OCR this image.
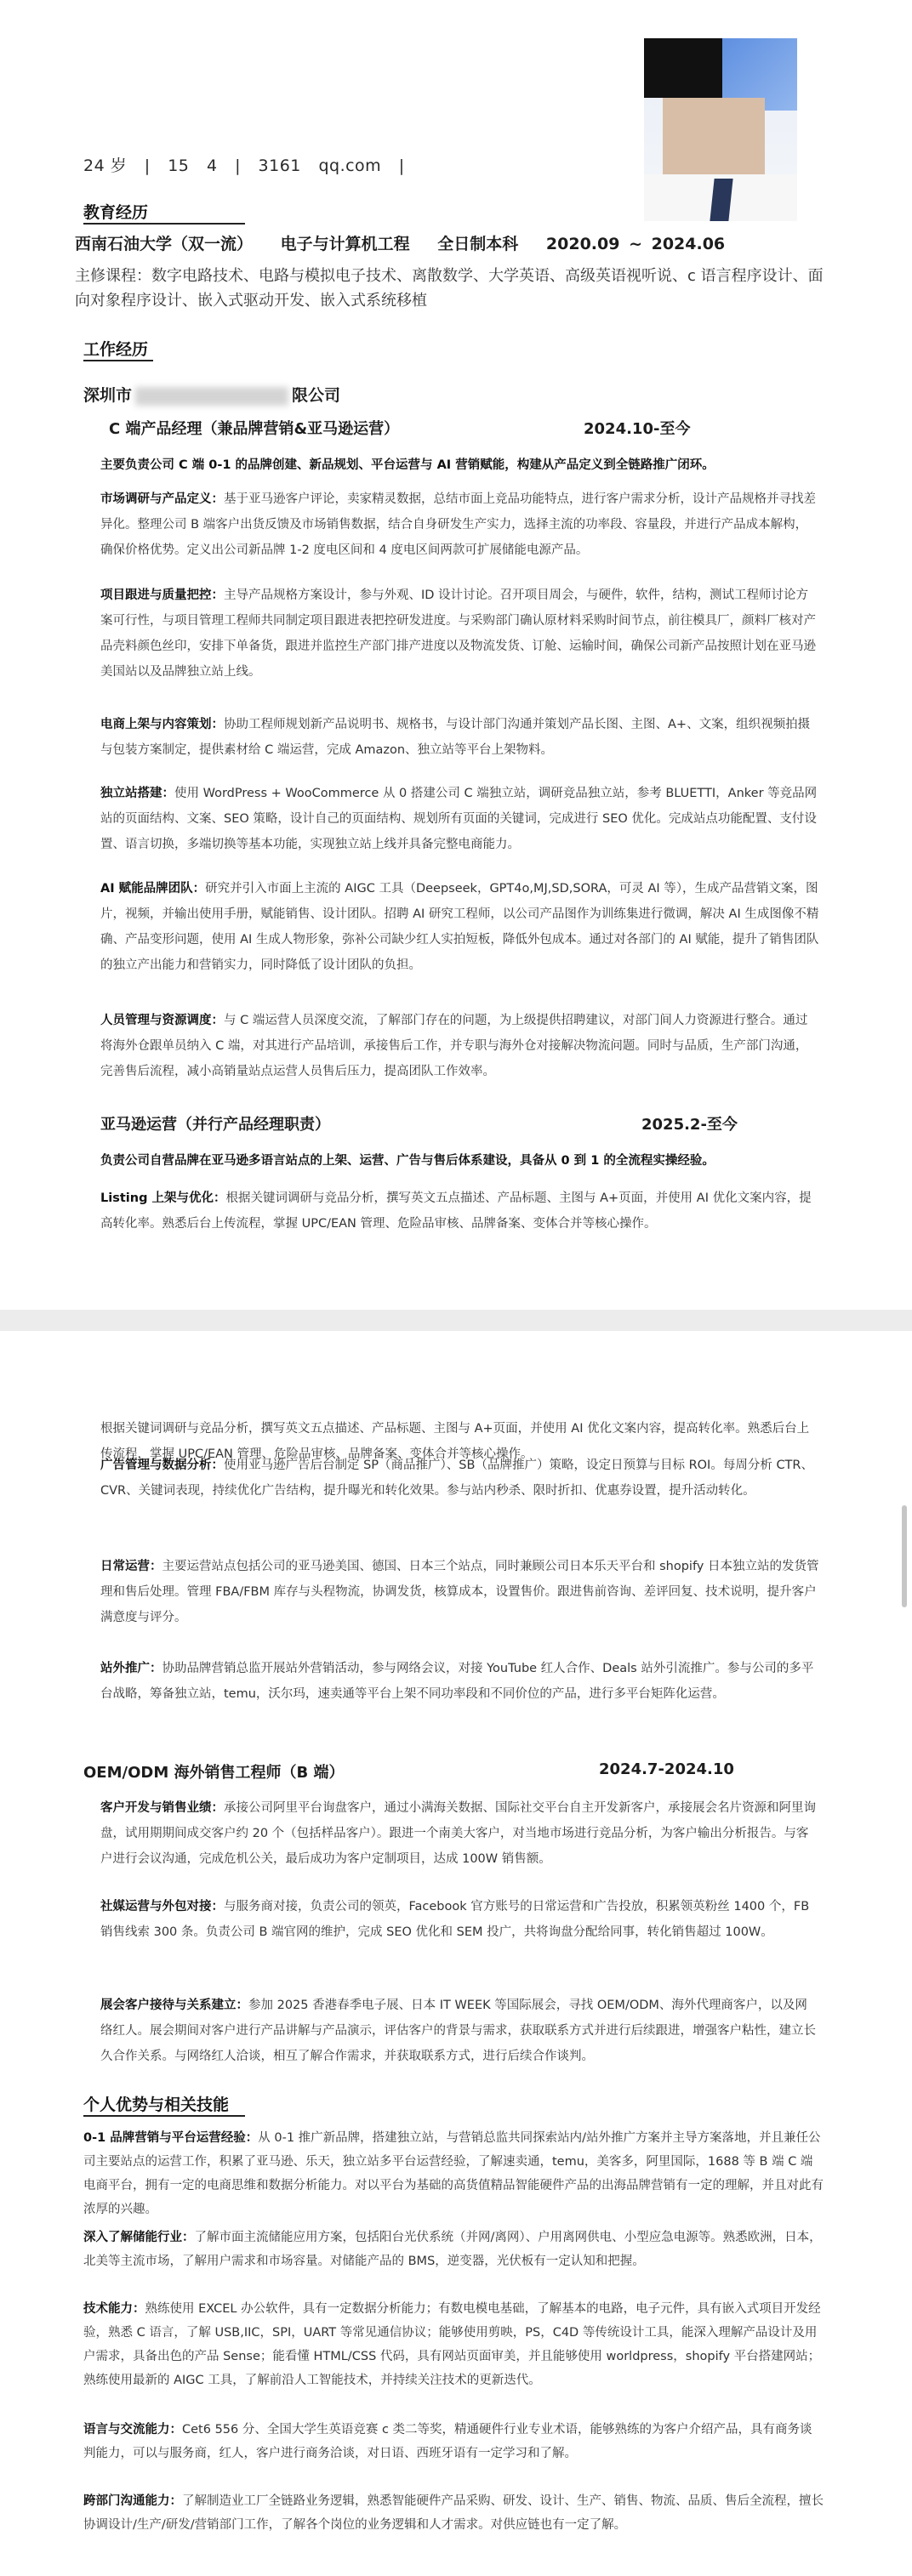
24 岁 | 15 4 | 3161 qq.com |
教育经历
西南石油大学（双一流） 电子与计算机工程 全日制本科 2020.09 ~ 2024.06
主修课程：数字电路技术、电路与模拟电子技术、离散数学、大学英语、高级英语视听说、c 语言程序设计、面向对象程序设计、嵌入式驱动开发、嵌入式系统移植
工作经历
深圳市	限公司
C 端产品经理（兼品牌营销&亚马逊运营）	2024.10-至今
主要负责公司 C 端 0-1 的品牌创建、新品规划、平台运营与 AI 营销赋能，构建从产品定义到全链路推广闭环。
市场调研与产品定义：基于亚马逊客户评论，卖家精灵数据，总结市面上竞品功能特点，进行客户需求分析，设计产品规格并寻找差异化。整理公司 B 端客户出货反馈及市场销售数据，结合自身研发生产实力，选择主流的功率段、容量段，并进行产品成本解构，确保价格优势。定义出公司新品牌 1-2 度电区间和 4 度电区间两款可扩展储能电源产品。
项目跟进与质量把控：主导产品规格方案设计，参与外观、ID 设计讨论。召开项目周会，与硬件，软件，结构，测试工程师讨论方案可行性，与项目管理工程师共同制定项目跟进表把控研发进度。与采购部门确认原材料采购时间节点，前往模具厂，颜料厂核对产品壳料颜色丝印，安排下单备货，跟进并监控生产部门排产进度以及物流发货、订舱、运输时间，确保公司新产品按照计划在亚马逊美国站以及品牌独立站上线。
电商上架与内容策划：协助工程师规划新产品说明书、规格书，与设计部门沟通并策划产品长图、主图、A+、文案，组织视频拍摄与包装方案制定，提供素材给 C 端运营，完成 Amazon、独立站等平台上架物料。
独立站搭建：使用 WordPress + WooCommerce 从 0 搭建公司 C 端独立站，调研竞品独立站，参考 BLUETTI，Anker 等竞品网站的页面结构、文案、SEO 策略，设计自己的页面结构、规划所有页面的关键词，完成进行 SEO 优化。完成站点功能配置、支付设置、语言切换，多端切换等基本功能，实现独立站上线并具备完整电商能力。
AI 赋能品牌团队：研究并引入市面上主流的 AIGC 工具（Deepseek，GPT4o,MJ,SD,SORA，可灵 AI 等），生成产品营销文案，图片，视频，并输出使用手册，赋能销售、设计团队。招聘 AI 研究工程师，以公司产品图作为训练集进行微调，解决 AI 生成图像不精确、产品变形问题，使用 AI 生成人物形象，弥补公司缺少红人实拍短板，降低外包成本。通过对各部门的 AI 赋能，提升了销售团队的独立产出能力和营销实力，同时降低了设计团队的负担。
人员管理与资源调度：与 C 端运营人员深度交流，了解部门存在的问题，为上级提供招聘建议，对部门间人力资源进行整合。通过将海外仓跟单员纳入 C 端，对其进行产品培训，承接售后工作，并专职与海外仓对接解决物流问题。同时与品质，生产部门沟通，完善售后流程，减小高销量站点运营人员售后压力，提高团队工作效率。
亚马逊运营（并行产品经理职责）	2025.2-至今
负责公司自营品牌在亚马逊多语言站点的上架、运营、广告与售后体系建设，具备从 0 到 1 的全流程实操经验。
Listing 上架与优化：根据关键词调研与竞品分析，撰写英文五点描述、产品标题、主图与 A+页面，并使用 AI 优化文案内容，提高转化率。熟悉后台上传流程，掌握 UPC/EAN 管理、危险品审核、品牌备案、变体合并等核心操作。
根据关键词调研与竞品分析，撰写英文五点描述、产品标题、主图与 A+页面，并使用 AI 优化文案内容，提高转化率。熟悉后台上传流程，掌握 UPC/EAN 管理、危险品审核、品牌备案、变体合并等核心操作。
广告管理与数据分析：使用亚马逊广告后台制定 SP（商品推广）、SB（品牌推广）策略，设定日预算与目标 ROI。每周分析 CTR、CVR、关键词表现，持续优化广告结构，提升曝光和转化效果。参与站内秒杀、限时折扣、优惠券设置，提升活动转化。
日常运营：主要运营站点包括公司的亚马逊美国、德国、日本三个站点，同时兼顾公司日本乐天平台和 shopify 日本独立站的发货管理和售后处理。管理 FBA/FBM 库存与头程物流，协调发货，核算成本，设置售价。跟进售前咨询、差评回复、技术说明，提升客户满意度与评分。
站外推广：协助品牌营销总监开展站外营销活动，参与网络会议，对接 YouTube 红人合作、Deals 站外引流推广。参与公司的多平台战略，筹备独立站，temu，沃尔玛，速卖通等平台上架不同功率段和不同价位的产品，进行多平台矩阵化运营。
OEM/ODM 海外销售工程师（B 端）	2024.7-2024.10
客户开发与销售业绩：承接公司阿里平台询盘客户，通过小满海关数据、国际社交平台自主开发新客户，承接展会名片资源和阿里询盘，试用期期间成交客户约 20 个（包括样品客户）。跟进一个南美大客户，对当地市场进行竞品分析，为客户输出分析报告。与客户进行会议沟通，完成危机公关，最后成功为客户定制项目，达成 100W 销售额。
社媒运营与外包对接：与服务商对接，负责公司的领英，Facebook 官方账号的日常运营和广告投放，积累领英粉丝 1400 个，FB 销售线索 300 条。负责公司 B 端官网的维护，完成 SEO 优化和 SEM 投广，共将询盘分配给同事，转化销售超过 100W。
展会客户接待与关系建立：参加 2025 香港春季电子展、日本 IT WEEK 等国际展会，寻找 OEM/ODM、海外代理商客户，以及网络红人。展会期间对客户进行产品讲解与产品演示，评估客户的背景与需求，获取联系方式并进行后续跟进，增强客户粘性，建立长久合作关系。与网络红人洽谈，相互了解合作需求，并获取联系方式，进行后续合作谈判。
个人优势与相关技能
0-1 品牌营销与平台运营经验：从 0-1 推广新品牌，搭建独立站，与营销总监共同探索站内/站外推广方案并主导方案落地，并且兼任公司主要站点的运营工作，积累了亚马逊、乐天，独立站多平台运营经验，了解速卖通，temu，美客多，阿里国际，1688 等 B 端 C 端电商平台，拥有一定的电商思维和数据分析能力。对以平台为基础的高货值精品智能硬件产品的出海品牌营销有一定的理解，并且对此有浓厚的兴趣。
深入了解储能行业：了解市面主流储能应用方案，包括阳台光伏系统（并网/离网）、户用离网供电、小型应急电源等。熟悉欧洲，日本，北美等主流市场，了解用户需求和市场容量。对储能产品的 BMS，逆变器，光伏板有一定认知和把握。
技术能力：熟练使用 EXCEL 办公软件，具有一定数据分析能力；有数电模电基础，了解基本的电路，电子元件，具有嵌入式项目开发经验，熟悉 C 语言，了解 USB,IIC，SPI，UART 等常见通信协议；能够使用剪映，PS，C4D 等传统设计工具，能深入理解产品设计及用户需求，具备出色的产品 Sense；能看懂 HTML/CSS 代码，具有网站页面审美，并且能够使用 worldpress，shopify 平台搭建网站；熟练使用最新的 AIGC 工具，了解前沿人工智能技术，并持续关注技术的更新迭代。
语言与交流能力：Cet6 556 分、全国大学生英语竞赛 c 类二等奖，精通硬件行业专业术语，能够熟练的为客户介绍产品，具有商务谈判能力，可以与服务商，红人，客户进行商务洽谈，对日语、西班牙语有一定学习和了解。
跨部门沟通能力：了解制造业工厂全链路业务逻辑，熟悉智能硬件产品采购、研发、设计、生产、销售、物流、品质、售后全流程，擅长协调设计/生产/研发/营销部门工作，了解各个岗位的业务逻辑和人才需求。对供应链也有一定了解。
